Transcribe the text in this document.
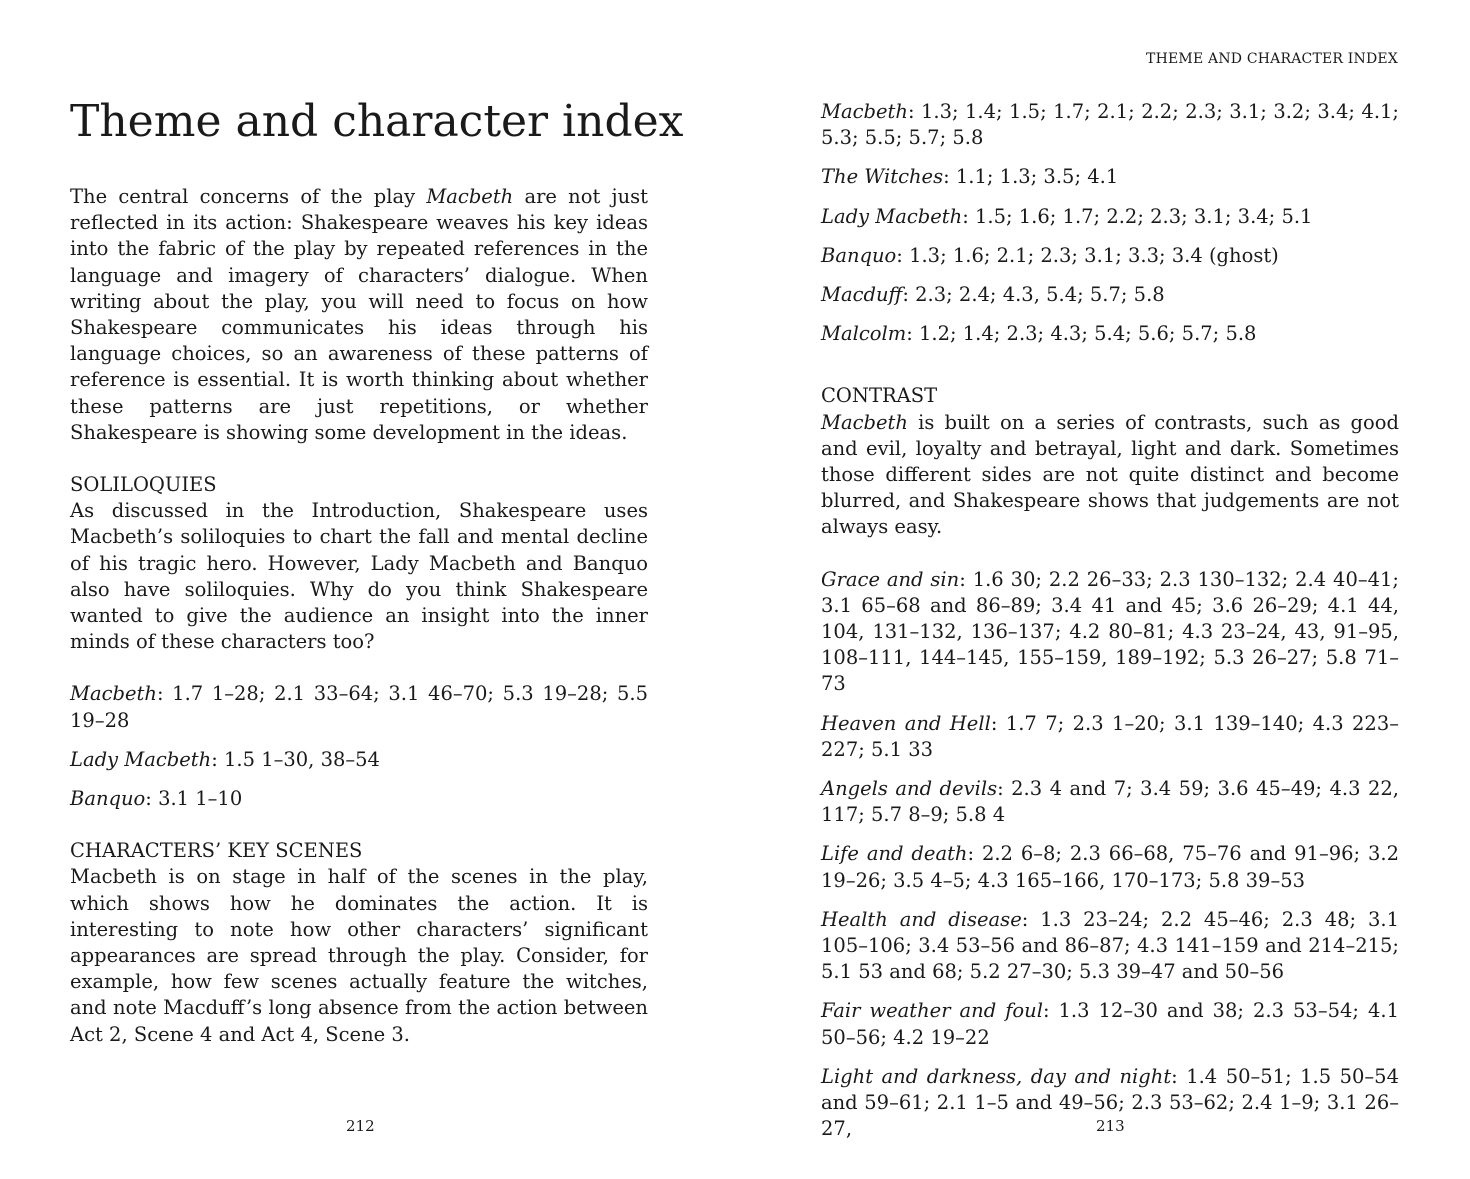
Theme and character index

The central concerns of the play Macbeth are not just reflected in its action: Shakespeare weaves his key ideas into the fabric of the play by repeated references in the language and imagery of characters’ dialogue. When writing about the play, you will need to focus on how Shakespeare communicates his ideas through his language choices, so an awareness of these patterns of reference is essential. It is worth thinking about whether these patterns are just repetitions, or whether Shakespeare is showing some development in the ideas.

SOLILOQUIES

As discussed in the Introduction, Shakespeare uses Macbeth’s soliloquies to chart the fall and mental decline of his tragic hero. However, Lady Macbeth and Banquo also have soliloquies. Why do you think Shakespeare wanted to give the audience an insight into the inner minds of these characters too?

Macbeth: 1.7 1–28; 2.1 33–64; 3.1 46–70; 5.3 19–28; 5.5 19–28

Lady Macbeth: 1.5 1–30, 38–54

Banquo: 3.1 1–10

CHARACTERS’ KEY SCENES

Macbeth is on stage in half of the scenes in the play, which shows how he dominates the action. It is interesting to note how other characters’ significant appearances are spread through the play. Consider, for example, how few scenes actually feature the witches, and note Macduff’s long absence from the action between Act 2, Scene 4 and Act 4, Scene 3.

212
THEME AND CHARACTER INDEX

Macbeth: 1.3; 1.4; 1.5; 1.7; 2.1; 2.2; 2.3; 3.1; 3.2; 3.4; 4.1; 5.3; 5.5; 5.7; 5.8

The Witches: 1.1; 1.3; 3.5; 4.1

Lady Macbeth: 1.5; 1.6; 1.7; 2.2; 2.3; 3.1; 3.4; 5.1

Banquo: 1.3; 1.6; 2.1; 2.3; 3.1; 3.3; 3.4 (ghost)

Macduff: 2.3; 2.4; 4.3, 5.4; 5.7; 5.8

Malcolm: 1.2; 1.4; 2.3; 4.3; 5.4; 5.6; 5.7; 5.8

CONTRAST

Macbeth is built on a series of contrasts, such as good and evil, loyalty and betrayal, light and dark. Sometimes those different sides are not quite distinct and become blurred, and Shakespeare shows that judgements are not always easy.

Grace and sin: 1.6 30; 2.2 26–33; 2.3 130–132; 2.4 40–41; 3.1 65–68 and 86–89; 3.4 41 and 45; 3.6 26–29; 4.1 44, 104, 131–132, 136–137; 4.2 80–81; 4.3 23–24, 43, 91–95, 108–111, 144–145, 155–159, 189–192; 5.3 26–27; 5.8 71–73

Heaven and Hell: 1.7 7; 2.3 1–20; 3.1 139–140; 4.3 223–227; 5.1 33

Angels and devils: 2.3 4 and 7; 3.4 59; 3.6 45–49; 4.3 22, 117; 5.7 8–9; 5.8 4

Life and death: 2.2 6–8; 2.3 66–68, 75–76 and 91–96; 3.2 19–26; 3.5 4–5; 4.3 165–166, 170–173; 5.8 39–53

Health and disease: 1.3 23–24; 2.2 45–46; 2.3 48; 3.1 105–106; 3.4 53–56 and 86–87; 4.3 141–159 and 214–215; 5.1 53 and 68; 5.2 27–30; 5.3 39–47 and 50–56

Fair weather and foul: 1.3 12–30 and 38; 2.3 53–54; 4.1 50–56; 4.2 19–22

Light and darkness, day and night: 1.4 50–51; 1.5 50–54 and 59–61; 2.1 1–5 and 49–56; 2.3 53–62; 2.4 1–9; 3.1 26–27,	213
